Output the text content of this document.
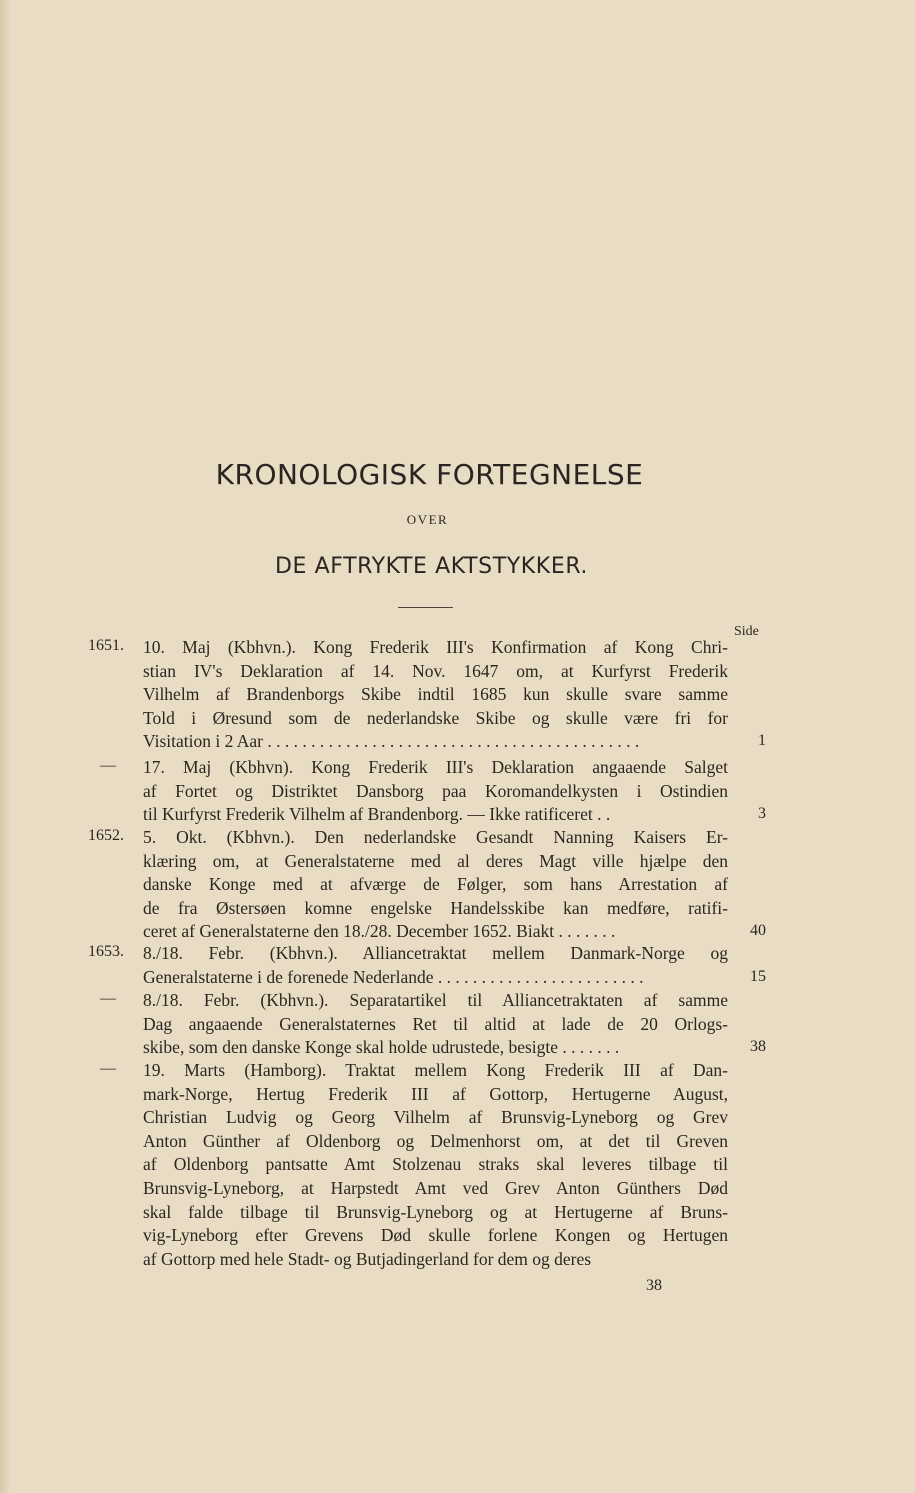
KRONOLOGISK FORTEGNELSE
OVER
DE AFTRYKTE AKTSTYKKER.
Side
1651. 10. Maj (Kbhvn.). Kong Frederik III's Konfirmation af Kong Chri-

stian IV's Deklaration af 14. Nov. 1647 om, at Kurfyrst Frederik

Vilhelm af Brandenborgs Skibe indtil 1685 kun skulle svare samme

Told i Øresund som de nederlandske Skibe og skulle være fri for

Visitation i 2 Aar . . . . . . . . . . . . . . . . . . . . . . . . . . . . . . . . . . . . . . . . . . .	1
— 17. Maj (Kbhvn). Kong Frederik III's Deklaration angaaende Salget

af Fortet og Distriktet Dansborg paa Koromandelkysten i Ostindien

til Kurfyrst Frederik Vilhelm af Brandenborg. — Ikke ratificeret . .	3
1652. 5. Okt. (Kbhvn.). Den nederlandske Gesandt Nanning Kaisers Er-

klæring om, at Generalstaterne med al deres Magt ville hjælpe den

danske Konge med at afværge de Følger, som hans Arrestation af

de fra Østersøen komne engelske Handelsskibe kan medføre, ratifi-

ceret af Generalstaterne den 18./28. December 1652. Biakt . . . . . . .	40
1653. 8./18. Febr. (Kbhvn.). Alliancetraktat mellem Danmark-Norge og

Generalstaterne i de forenede Nederlande . . . . . . . . . . . . . . . . . . . . . . . .	15
— 8./18. Febr. (Kbhvn.). Separatartikel til Alliancetraktaten af samme

Dag angaaende Generalstaternes Ret til altid at lade de 20 Orlogs-

skibe, som den danske Konge skal holde udrustede, besigte . . . . . . .	38
— 19. Marts (Hamborg). Traktat mellem Kong Frederik III af Dan-

mark-Norge, Hertug Frederik III af Gottorp, Hertugerne August,

Christian Ludvig og Georg Vilhelm af Brunsvig-Lyneborg og Grev

Anton Günther af Oldenborg og Delmenhorst om, at det til Greven

af Oldenborg pantsatte Amt Stolzenau straks skal leveres tilbage til

Brunsvig-Lyneborg, at Harpstedt Amt ved Grev Anton Günthers Død

skal falde tilbage til Brunsvig-Lyneborg og at Hertugerne af Bruns-

vig-Lyneborg efter Grevens Død skulle forlene Kongen og Hertugen

af Gottorp med hele Stadt- og Butjadingerland for dem og deres

38
